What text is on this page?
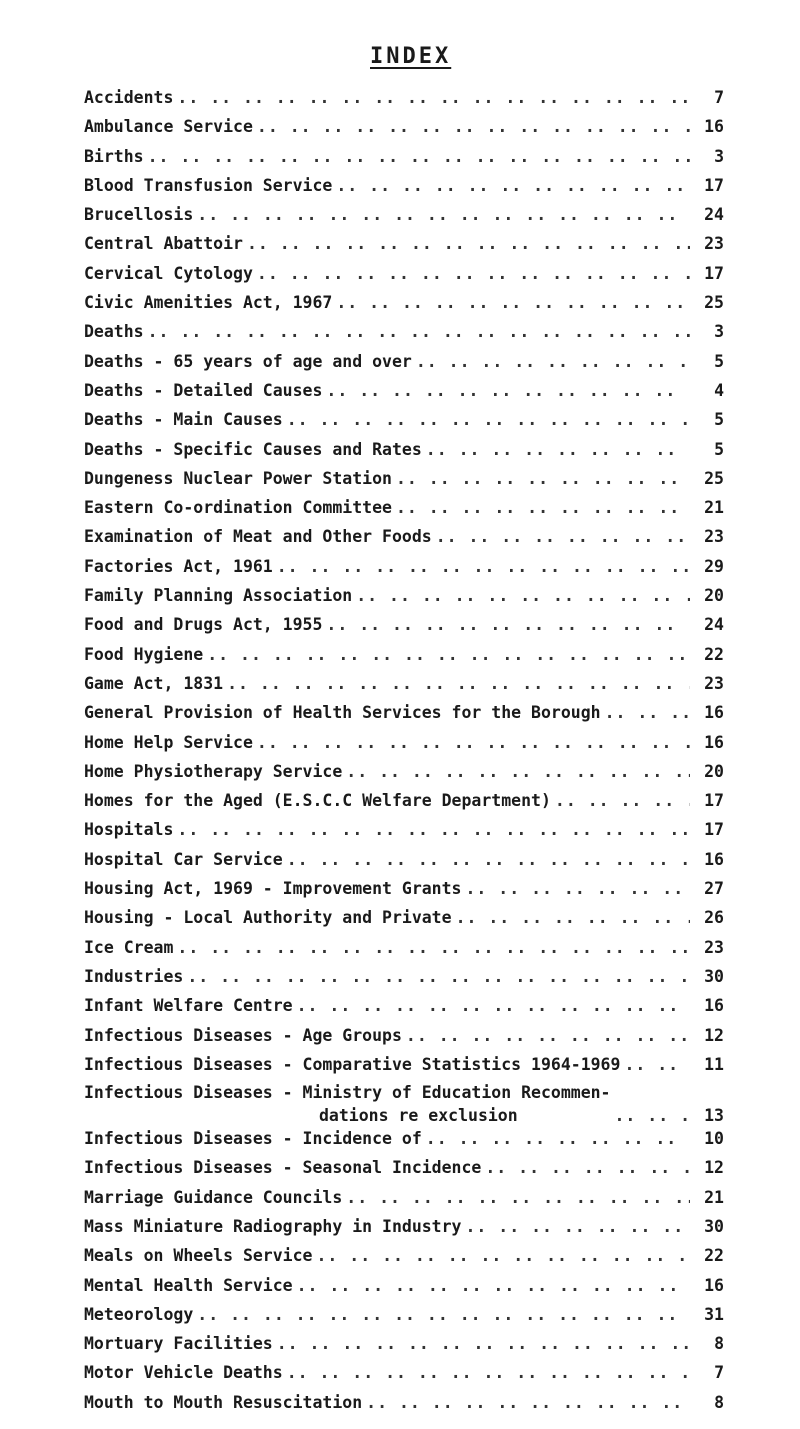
INDEX
Accidents .. ..	7
Ambulance Service .. ..	16
Births .. ..	3
Blood Transfusion Service .. ..	17
Brucellosis .. ..	24
Central Abattoir .. ..	23
Cervical Cytology .. ..	17
Civic Amenities Act, 1967 .. ..	25
Deaths .. ..	3
Deaths - 65 years of age and over .. ..	5
Deaths - Detailed Causes .. ..	4
Deaths - Main Causes .. ..	5
Deaths - Specific Causes and Rates .. ..	5
Dungeness Nuclear Power Station .. ..	25
Eastern Co-ordination Committee .. ..	21
Examination of Meat and Other Foods .. ..	23
Factories Act, 1961 .. ..	29
Family Planning Association .. ..	20
Food and Drugs Act, 1955 .. ..	24
Food Hygiene .. ..	22
Game Act, 1831 .. ..	23
General Provision of Health Services for the Borough .. ..	16
Home Help Service .. ..	16
Home Physiotherapy Service .. ..	20
Homes for the Aged (E.S.C.C Welfare Department) .. ..	17
Hospitals .. ..	17
Hospital Car Service .. ..	16
Housing Act, 1969 - Improvement Grants .. ..	27
Housing - Local Authority and Private .. ..	26
Ice Cream .. ..	23
Industries .. ..	30
Infant Welfare Centre .. ..	16
Infectious Diseases - Age Groups .. ..	12
Infectious Diseases - Comparative Statistics 1964-1969 .. ..	11
Infectious Diseases - Ministry of Education Recommen-
dations re exclusion .. ..	13
Infectious Diseases - Incidence of .. ..	10
Infectious Diseases - Seasonal Incidence .. ..	12
Marriage Guidance Councils .. ..	21
Mass Miniature Radiography in Industry .. ..	30
Meals on Wheels Service .. ..	22
Mental Health Service .. ..	16
Meteorology .. ..	31
Mortuary Facilities .. ..	8
Motor Vehicle Deaths .. ..	7
Mouth to Mouth Resuscitation .. ..	8
